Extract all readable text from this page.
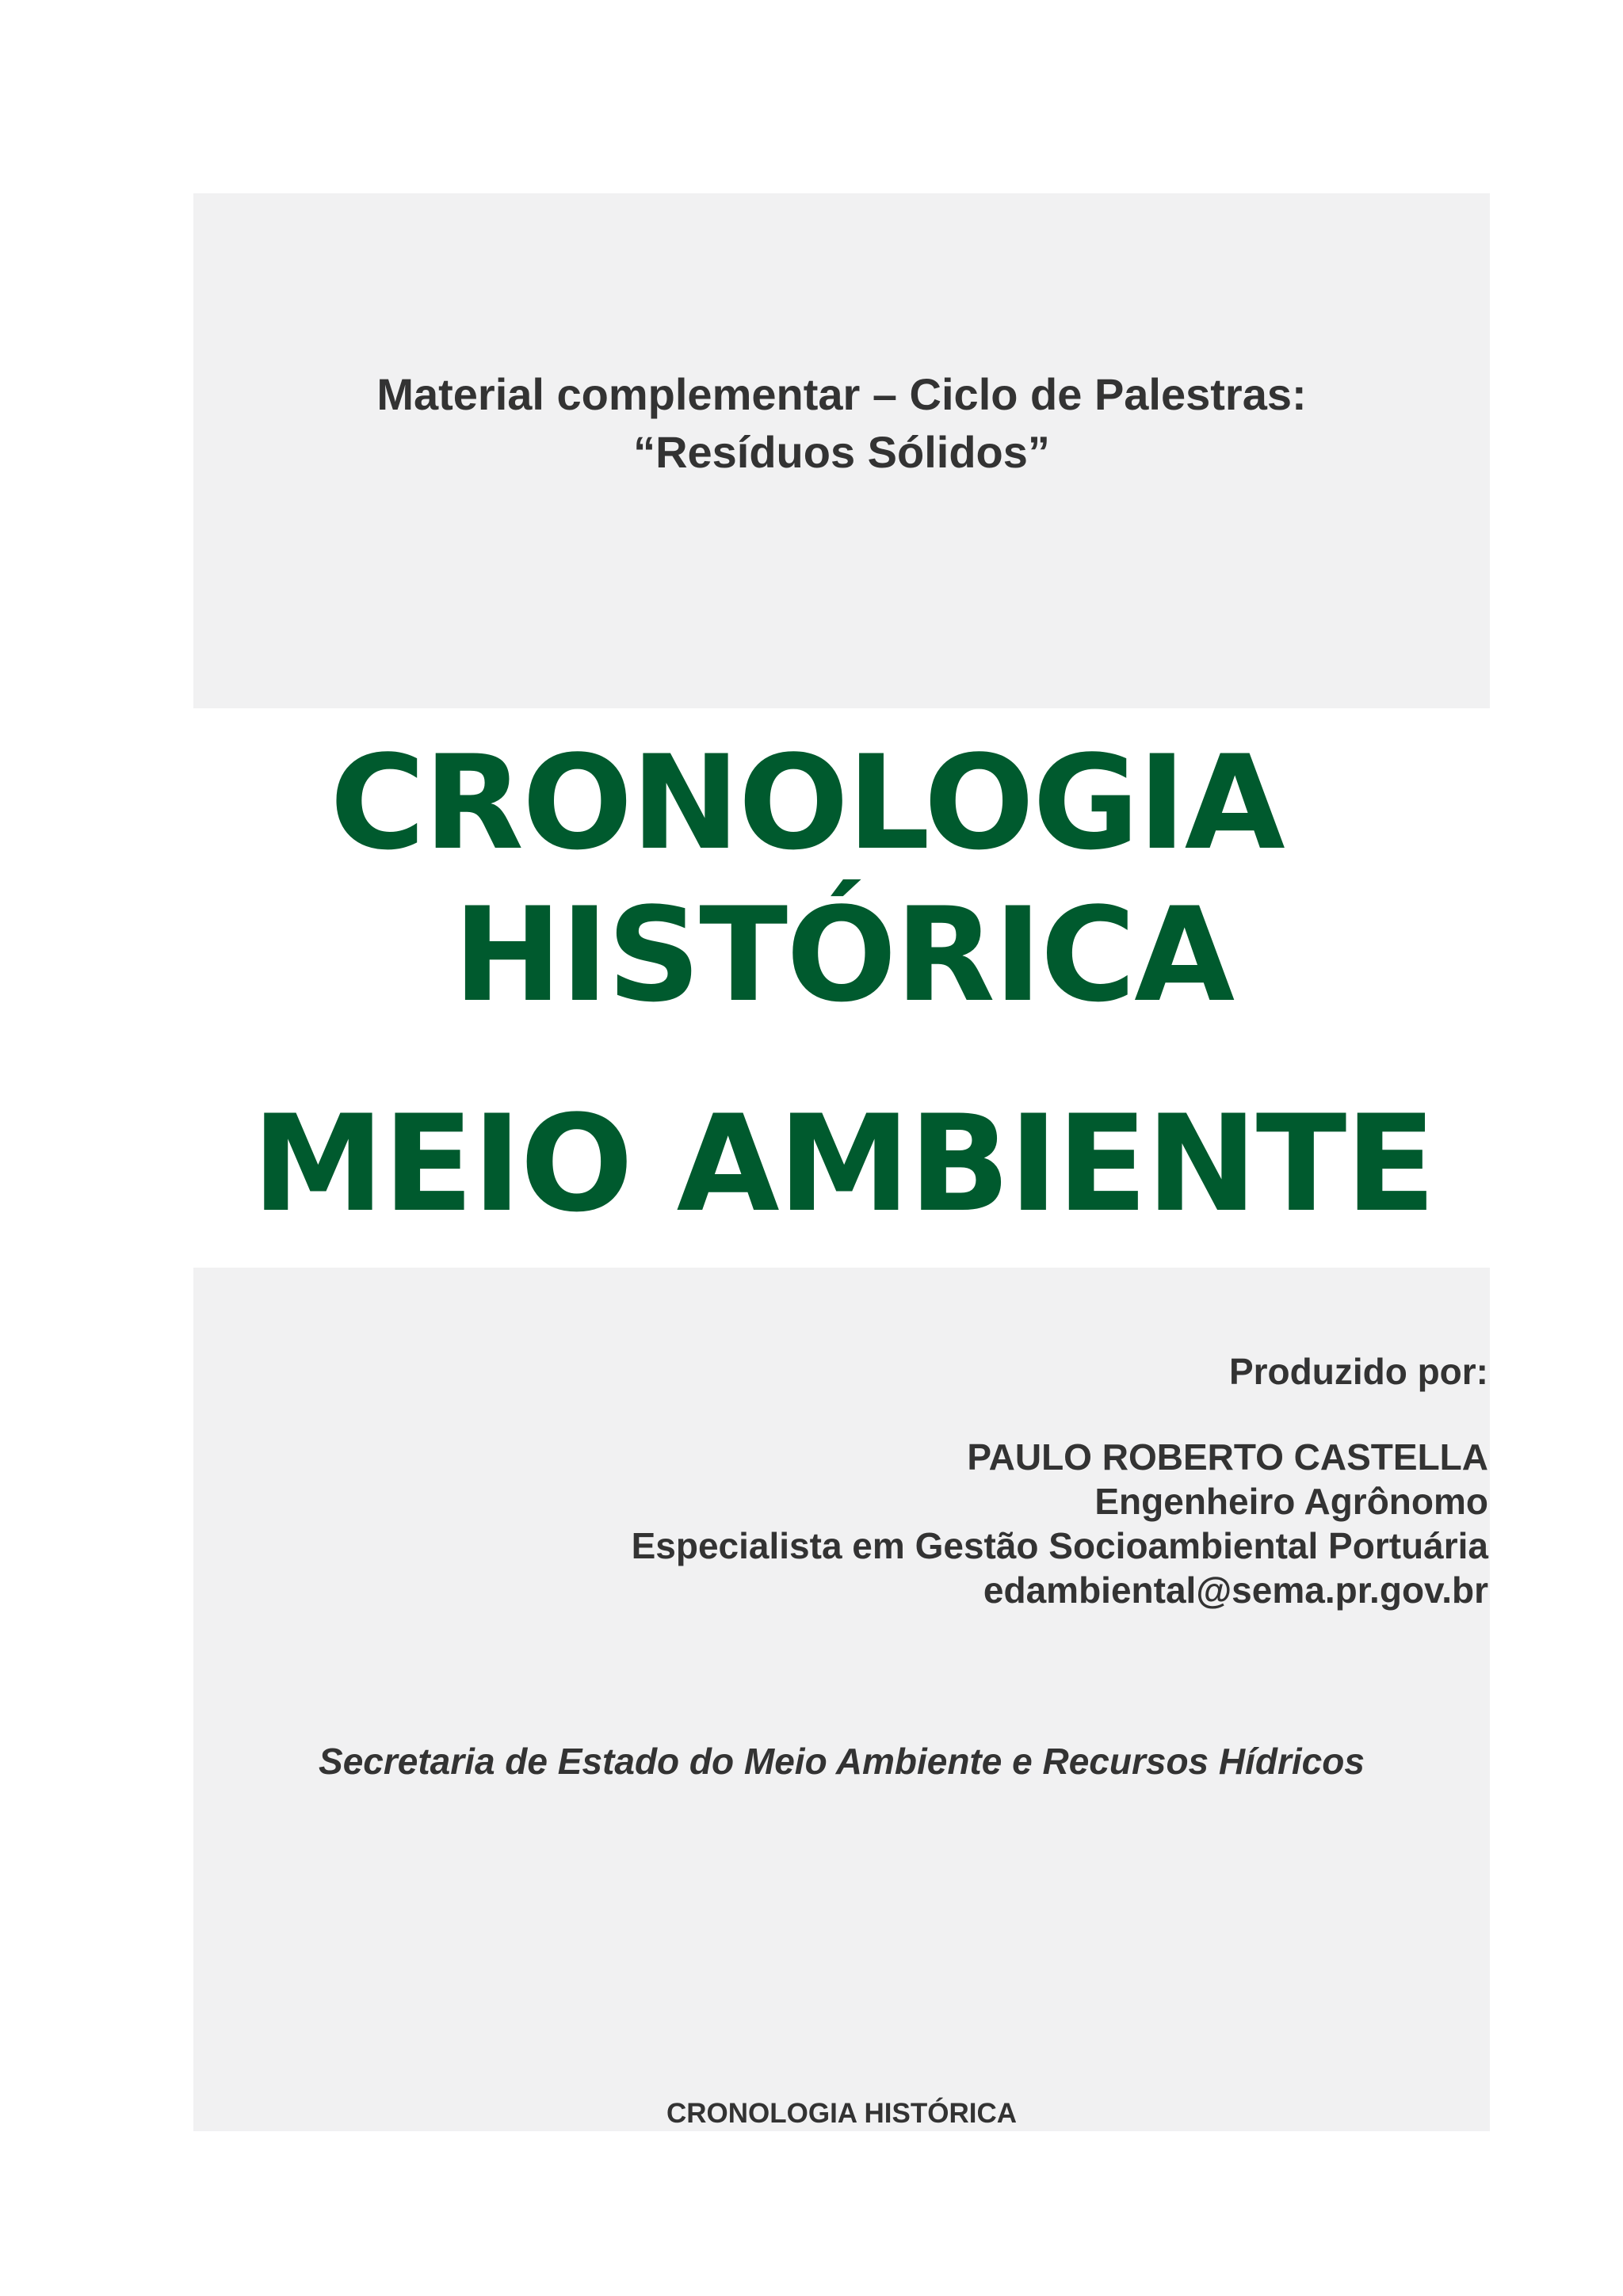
Material complementar – Ciclo de Palestras:
“Resíduos Sólidos”
CRONOLOGIA
HISTÓRICA
MEIO AMBIENTE
Produzido por:
PAULO ROBERTO CASTELLA
Engenheiro Agrônomo
Especialista em Gestão Socioambiental Portuária
edambiental@sema.pr.gov.br
Secretaria de Estado do Meio Ambiente e Recursos Hídricos
CRONOLOGIA HISTÓRICA
